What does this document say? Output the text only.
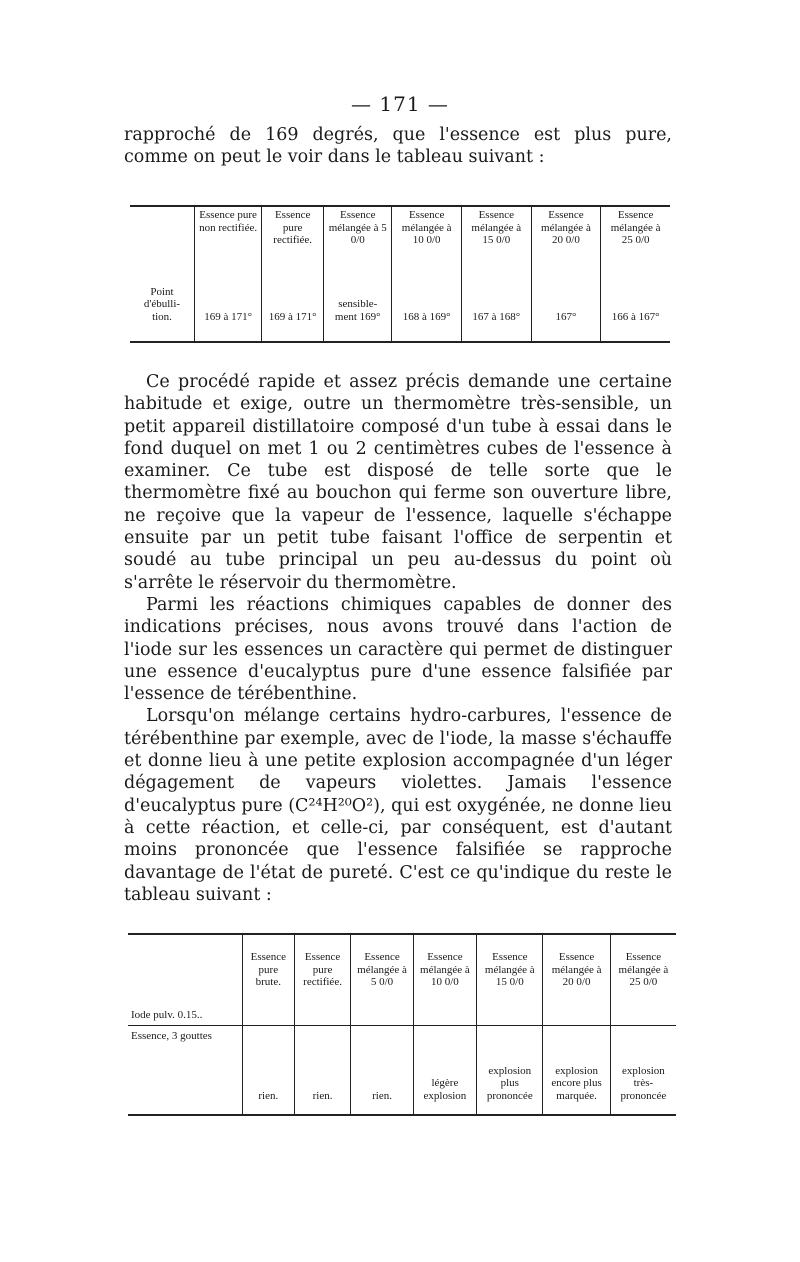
— 171 —

rapproché de 169 degrés, que l'essence est plus pure, comme on peut le voir dans le tableau suivant :

	Essence pure non rectifiée.	Essence pure rectifiée.	Essence mélangée à 5 0/0	Essence mélangée à 10 0/0	Essence mélangée à 15 0/0	Essence mélangée à 20 0/0	Essence mélangée à 25 0/0
Point d'ébulli- tion.	169 à 171°	169 à 171°	sensible- ment 169°	168 à 169°	167 à 168°	167°	166 à 167°

Ce procédé rapide et assez précis demande une certaine habitude et exige, outre un thermomètre très-sensible, un petit appareil distillatoire composé d'un tube à essai dans le fond duquel on met 1 ou 2 centimètres cubes de l'essence à examiner. Ce tube est disposé de telle sorte que le thermomètre fixé au bouchon qui ferme son ouverture libre, ne reçoive que la vapeur de l'essence, laquelle s'échappe ensuite par un petit tube faisant l'office de serpentin et soudé au tube principal un peu au-dessus du point où s'arrête le réservoir du thermomètre.

Parmi les réactions chimiques capables de donner des indications précises, nous avons trouvé dans l'action de l'iode sur les essences un caractère qui permet de distinguer une essence d'eucalyptus pure d'une essence falsifiée par l'essence de térébenthine.

Lorsqu'on mélange certains hydro-carbures, l'essence de térébenthine par exemple, avec de l'iode, la masse s'échauffe et donne lieu à une petite explosion accompagnée d'un léger dégagement de vapeurs violettes. Jamais l'essence d'eucalyptus pure (C²⁴H²⁰O²), qui est oxygénée, ne donne lieu à cette réaction, et celle-ci, par conséquent, est d'autant moins prononcée que l'essence falsifiée se rapproche davantage de l'état de pureté. C'est ce qu'indique du reste le tableau suivant :

Iode pulv. 0.15..	Essence pure brute.	Essence pure rectifiée.	Essence mélangée à 5 0/0	Essence mélangée à 10 0/0	Essence mélangée à 15 0/0	Essence mélangée à 20 0/0	Essence mélangée à 25 0/0
Essence, 3 gouttes	rien.	rien.	rien.	légère explosion	explosion plus prononcée	explosion encore plus marquée.	explosion très-prononcée
